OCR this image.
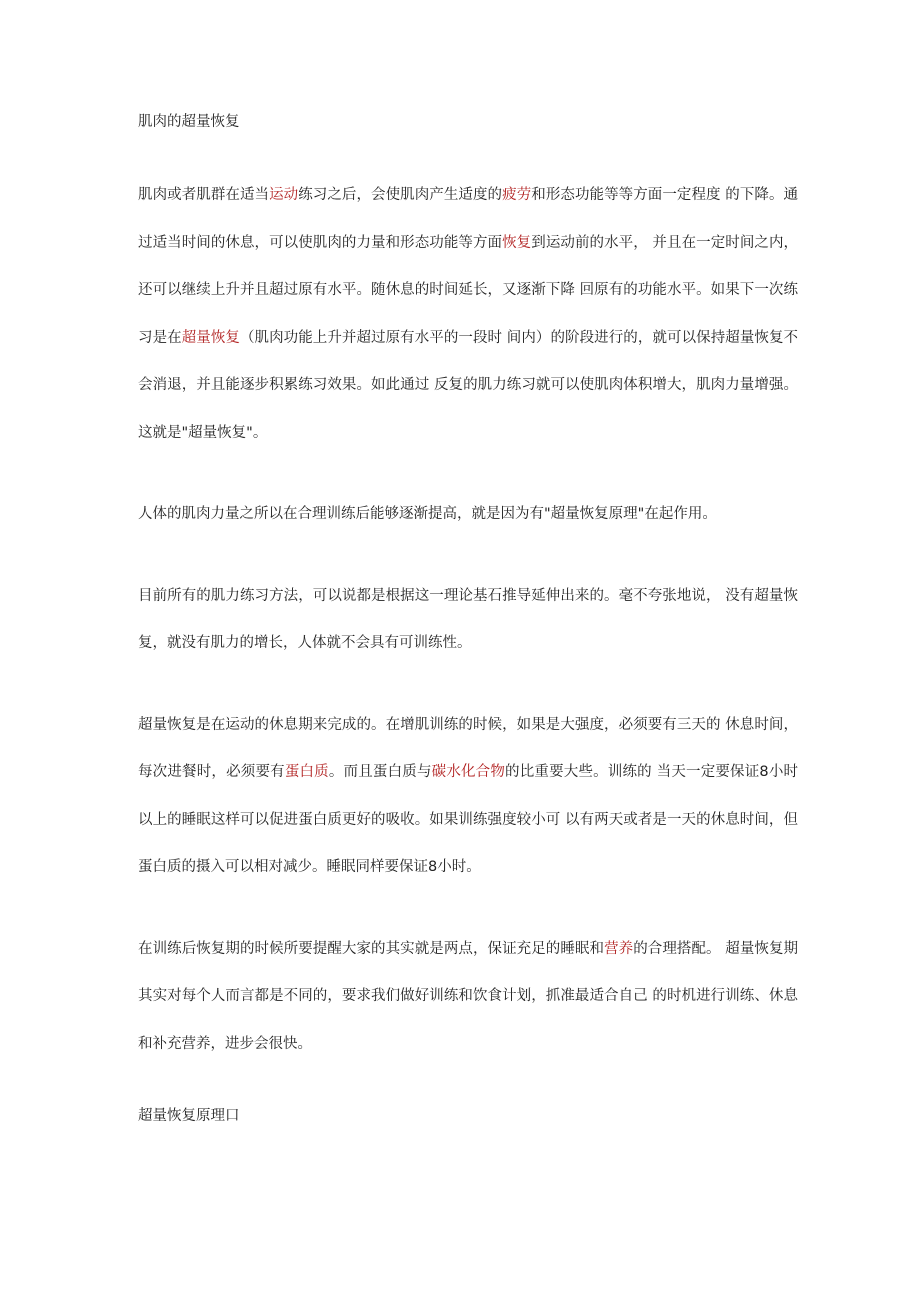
肌肉的超量恢复

肌肉或者肌群在适当运动练习之后，会使肌肉产生适度的疲劳和形态功能等等方面一定程度 的下降。通过适当时间的休息，可以使肌肉的力量和形态功能等方面恢复到运动前的水平， 并且在一定时间之内，还可以继续上升并且超过原有水平。随休息的时间延长，又逐渐下降 回原有的功能水平。如果下一次练习是在超量恢复（肌肉功能上升并超过原有水平的一段时 间内）的阶段进行的，就可以保持超量恢复不会消退，并且能逐步积累练习效果。如此通过 反复的肌力练习就可以使肌肉体积增大，肌肉力量增强。这就是"超量恢复"。

人体的肌肉力量之所以在合理训练后能够逐渐提高，就是因为有"超量恢复原理"在起作用。

目前所有的肌力练习方法，可以说都是根据这一理论基石推导延伸出来的。毫不夸张地说， 没有超量恢复，就没有肌力的增长，人体就不会具有可训练性。

超量恢复是在运动的休息期来完成的。在增肌训练的时候，如果是大强度，必须要有三天的 休息时间，每次进餐时，必须要有蛋白质。而且蛋白质与碳水化合物的比重要大些。训练的 当天一定要保证8小时以上的睡眠这样可以促进蛋白质更好的吸收。如果训练强度较小可 以有两天或者是一天的休息时间，但蛋白质的摄入可以相对减少。睡眠同样要保证8小时。

在训练后恢复期的时候所要提醒大家的其实就是两点，保证充足的睡眠和营养的合理搭配。 超量恢复期其实对每个人而言都是不同的，要求我们做好训练和饮食计划，抓准最适合自己 的时机进行训练、休息和补充营养，进步会很快。

超量恢复原理口
